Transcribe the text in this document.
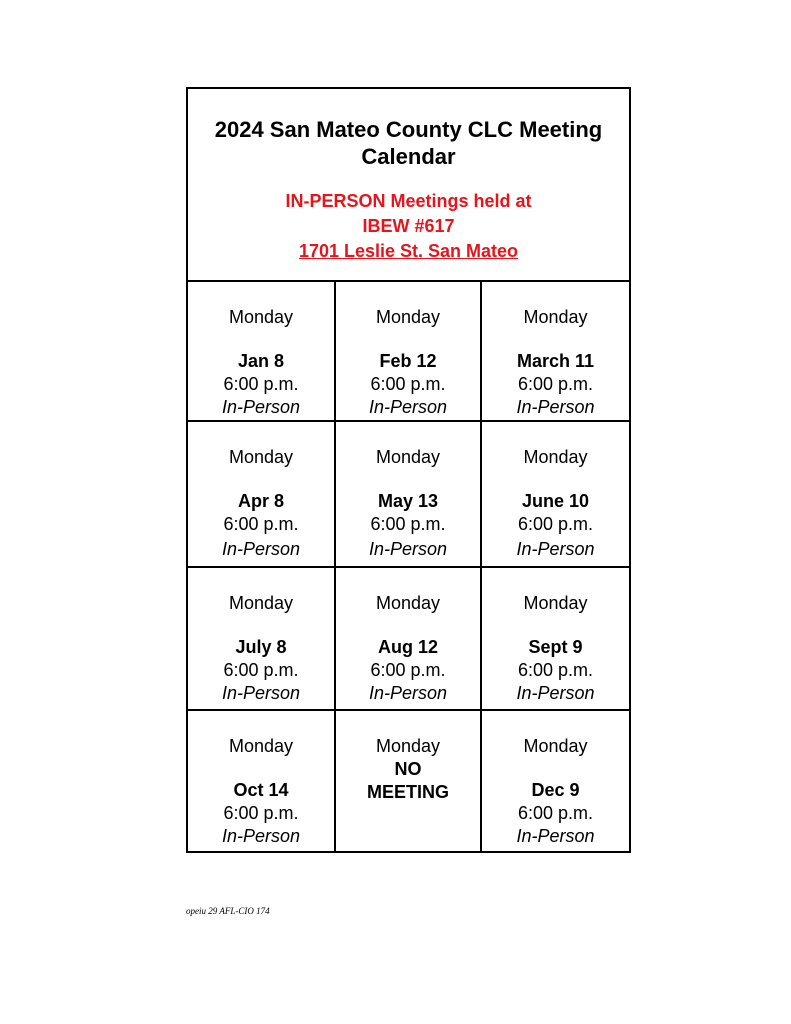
2024 San Mateo County CLC Meeting Calendar

IN-PERSON Meetings held at
IBEW #617
1701 Leslie St. San Mateo
Monday
Jan 8
6:00 p.m.
In-Person
Monday
Feb 12
6:00 p.m.
In-Person
Monday
March 11
6:00 p.m.
In-Person
Monday
Apr 8
6:00 p.m.
In-Person
Monday
May 13
6:00 p.m.
In-Person
Monday
June 10
6:00 p.m.
In-Person
Monday
July 8
6:00 p.m.
In-Person
Monday
Aug 12
6:00 p.m.
In-Person
Monday
Sept 9
6:00 p.m.
In-Person
Monday
Oct 14
6:00 p.m.
In-Person
Monday
NO
MEETING
Monday
Dec 9
6:00 p.m.
In-Person
opeiu 29 AFL-CIO 174
